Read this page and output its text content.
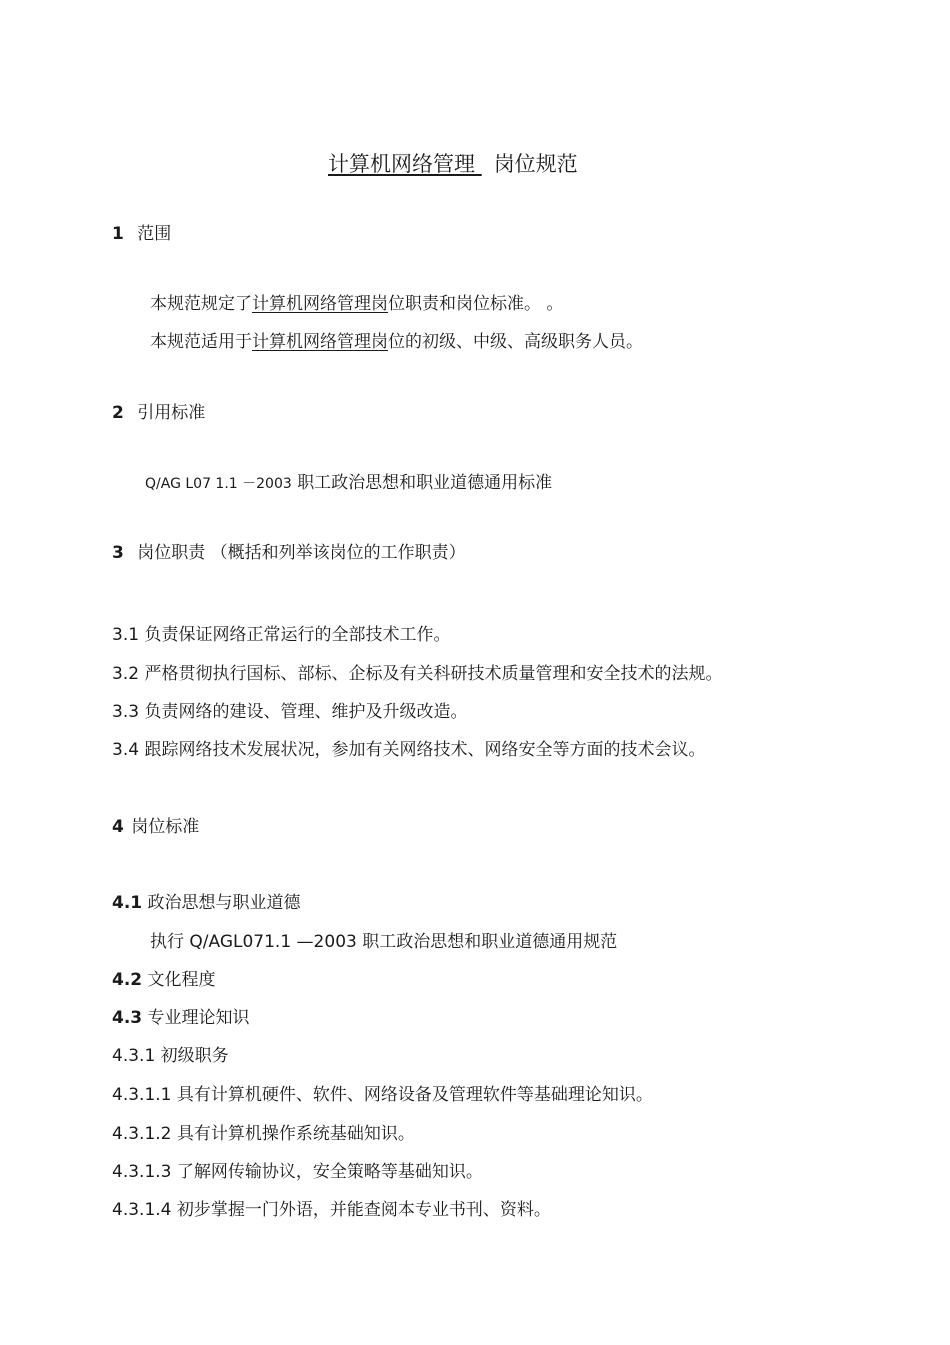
计算机网络管理 岗位规范
1 范围
本规范规定了计算机网络管理岗位职责和岗位标准。 。
本规范适用于计算机网络管理岗位的初级、中级、高级职务人员。
2 引用标准
Q/AG L07 1.1 －2003 职工政治思想和职业道德通用标准
3 岗位职责 （概括和列举该岗位的工作职责）
3.1 负责保证网络正常运行的全部技术工作。
3.2 严格贯彻执行国标、部标、企标及有关科研技术质量管理和安全技术的法规。
3.3 负责网络的建设、管理、维护及升级改造。
3.4 跟踪网络技术发展状况，参加有关网络技术、网络安全等方面的技术会议。
4 岗位标准
4.1 政治思想与职业道德
执行 Q/AGL071.1 —2003 职工政治思想和职业道德通用规范
4.2 文化程度
4.3 专业理论知识
4.3.1 初级职务
4.3.1.1 具有计算机硬件、软件、网络设备及管理软件等基础理论知识。
4.3.1.2 具有计算机操作系统基础知识。
4.3.1.3 了解网传输协议，安全策略等基础知识。
4.3.1.4 初步掌握一门外语，并能查阅本专业书刊、资料。
